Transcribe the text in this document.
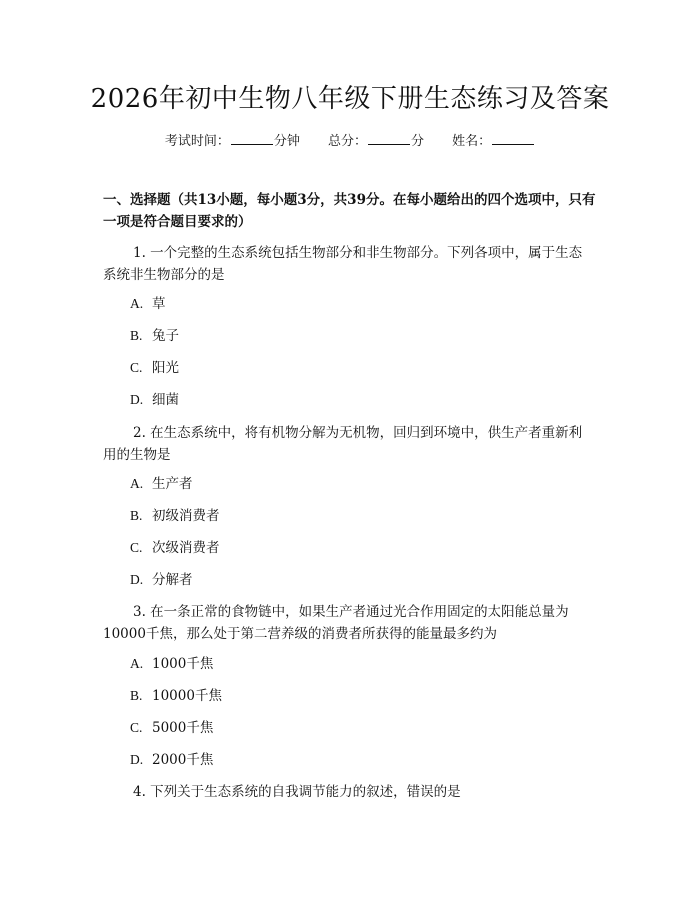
2026年初中生物八年级下册生态练习及答案
考试时间：	分钟 总分：	分 姓名：
一、选择题（共13小题，每小题3分，共39分。在每小题给出的四个选项中，只有一项是符合题目要求的）
1. 一个完整的生态系统包括生物部分和非生物部分。下列各项中，属于生态系统非生物部分的是
A. 草
B. 兔子
C. 阳光
D. 细菌
2. 在生态系统中，将有机物分解为无机物，回归到环境中，供生产者重新利用的生物是
A. 生产者
B. 初级消费者
C. 次级消费者
D. 分解者
3. 在一条正常的食物链中，如果生产者通过光合作用固定的太阳能总量为10000千焦，那么处于第二营养级的消费者所获得的能量最多约为
A. 1000千焦
B. 10000千焦
C. 5000千焦
D. 2000千焦
4. 下列关于生态系统的自我调节能力的叙述，错误的是
